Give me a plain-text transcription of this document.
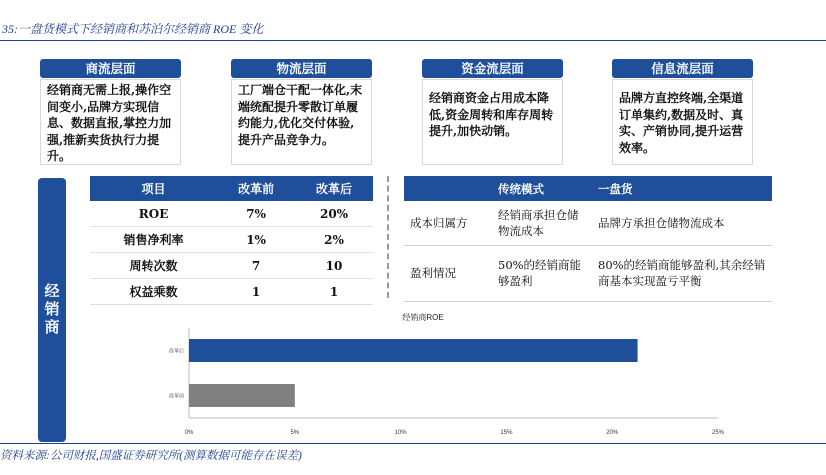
35:一盘货模式下经销商和苏泊尔经销商 ROE 变化
商流层面
经销商无需上报,操作空间变小,品牌方实现信息、数据直报,掌控力加强,推新卖货执行力提升。
物流层面
工厂端仓干配一体化,末端统配提升零散订单履约能力,优化交付体验,提升产品竞争力。
资金流层面
经销商资金占用成本降低,资金周转和库存周转提升,加快动销。
信息流层面
品牌方直控终端,全渠道订单集约,数据及时、真实、产销协同,提升运营效率。
经销商
项目	改革前	改革后
ROE	7%	20%
销售净利率	1%	2%
周转次数	7	10
权益乘数	1	1
	传统模式	一盘货
成本归属方	经销商承担仓储物流成本	品牌方承担仓储物流成本
盈利情况	50%的经销商能够盈利	80%的经销商能够盈利,其余经销商基本实现盈亏平衡
经销商ROE
改革后
改革前
0%	5%	10%	15%	20%	25%
资料来源:公司财报,国盛证券研究所(测算数据可能存在误差)
